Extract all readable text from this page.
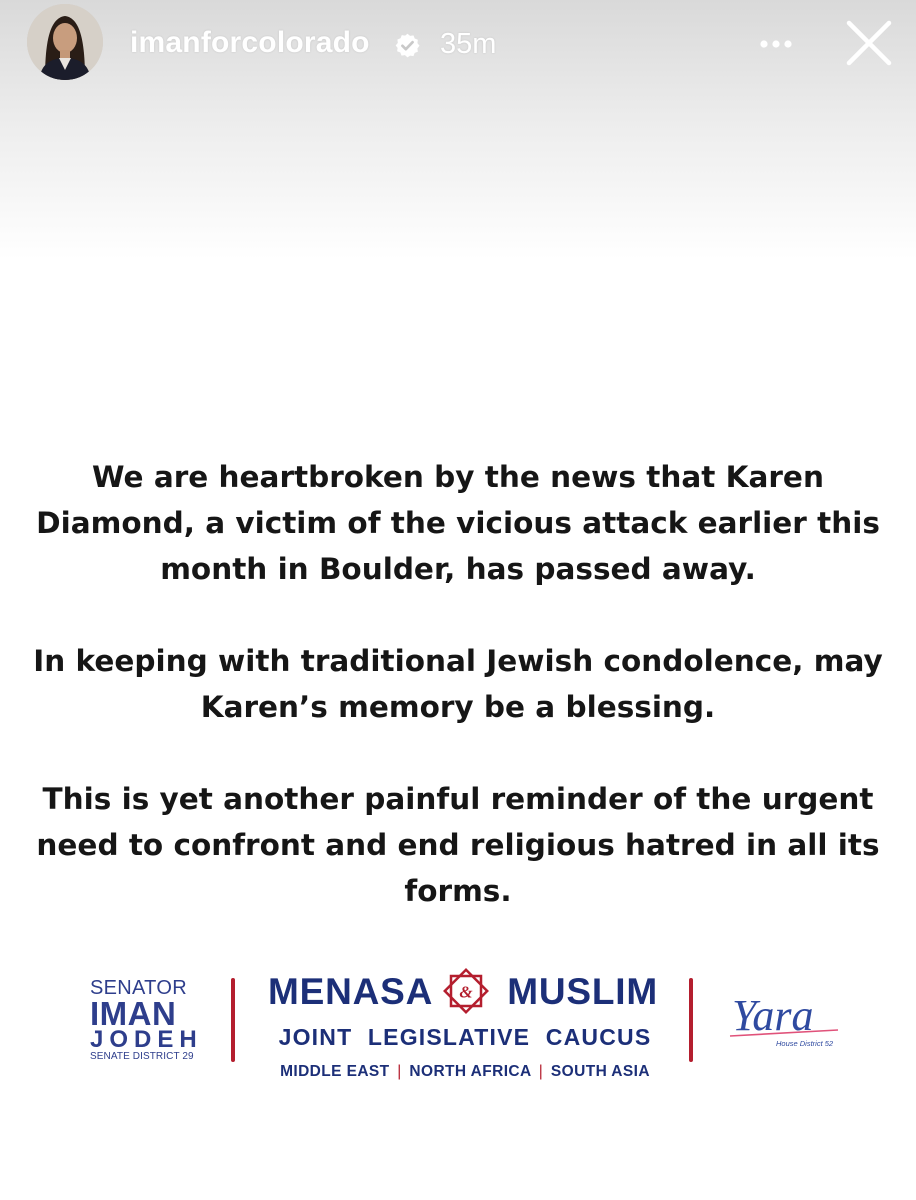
imanforcolorado 35m

We are heartbroken by the news that Karen Diamond, a victim of the vicious attack earlier this month in Boulder, has passed away.

In keeping with traditional Jewish condolence, may Karen’s memory be a blessing.

This is yet another painful reminder of the urgent need to confront and end religious hatred in all its forms.

SENATOR
IMAN
JODEH
SENATE DISTRICT 29
MENASA & MUSLIM
JOINT LEGISLATIVE CAUCUS
MIDDLE EAST | NORTH AFRICA | SOUTH ASIA
Yara
House District 52
